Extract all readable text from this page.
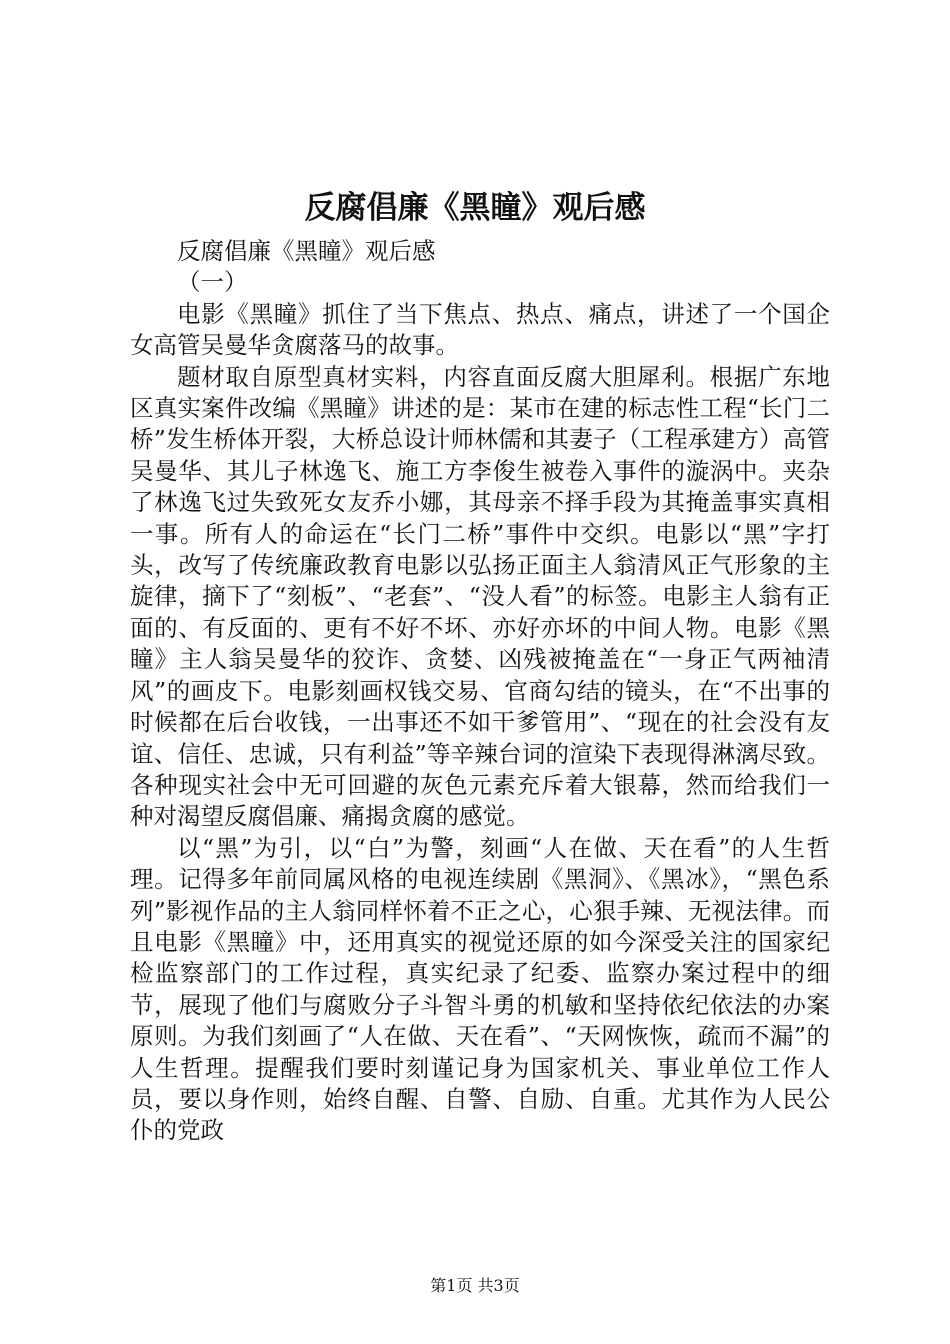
反腐倡廉《黑瞳》观后感

反腐倡廉《黑瞳》观后感

（一）

电影《黑瞳》抓住了当下焦点、热点、痛点，讲述了一个国企女高管吴曼华贪腐落马的故事。

题材取自原型真材实料，内容直面反腐大胆犀利。根据广东地区真实案件改编《黑瞳》讲述的是：某市在建的标志性工程“长门二桥”发生桥体开裂，大桥总设计师林儒和其妻子（工程承建方）高管吴曼华、其儿子林逸飞、施工方李俊生被卷入事件的漩涡中。夹杂了林逸飞过失致死女友乔小娜，其母亲不择手段为其掩盖事实真相一事。所有人的命运在“长门二桥”事件中交织。电影以“黑”字打头，改写了传统廉政教育电影以弘扬正面主人翁清风正气形象的主旋律，摘下了“刻板”、“老套”、“没人看”的标签。电影主人翁有正面的、有反面的、更有不好不坏、亦好亦坏的中间人物。电影《黑瞳》主人翁吴曼华的狡诈、贪婪、凶残被掩盖在“一身正气两袖清风”的画皮下。电影刻画权钱交易、官商勾结的镜头，在“不出事的时候都在后台收钱，一出事还不如干爹管用”、“现在的社会没有友谊、信任、忠诚，只有利益”等辛辣台词的渲染下表现得淋漓尽致。各种现实社会中无可回避的灰色元素充斥着大银幕，然而给我们一种对渴望反腐倡廉、痛揭贪腐的感觉。

以“黑”为引，以“白”为警，刻画“人在做、天在看”的人生哲理。记得多年前同属风格的电视连续剧《黑洞》、《黑冰》，“黑色系列”影视作品的主人翁同样怀着不正之心，心狠手辣、无视法律。而且电影《黑瞳》中，还用真实的视觉还原的如今深受关注的国家纪检监察部门的工作过程，真实纪录了纪委、监察办案过程中的细节，展现了他们与腐败分子斗智斗勇的机敏和坚持依纪依法的办案原则。为我们刻画了“人在做、天在看”、“天网恢恢，疏而不漏”的人生哲理。提醒我们要时刻谨记身为国家机关、事业单位工作人员，要以身作则，始终自醒、自警、自励、自重。尤其作为人民公仆的党政

第1页 共3页
